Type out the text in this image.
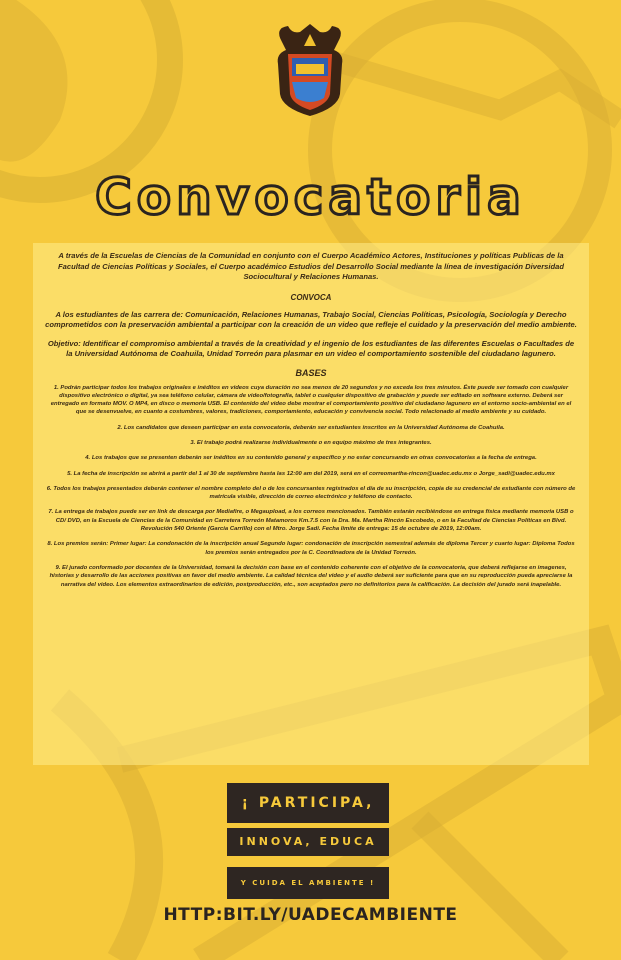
Convocatoria

A través de la Escuelas de Ciencias de la Comunidad en conjunto con el Cuerpo Académico Actores, Instituciones y políticas Publicas de la Facultad de Ciencias Políticas y Sociales, el Cuerpo académico Estudios del Desarrollo Social mediante la línea de investigación Diversidad Sociocultural y Relaciones Humanas.

CONVOCA

A los estudiantes de las carrera de: Comunicación, Relaciones Humanas, Trabajo Social, Ciencias Políticas, Psicología, Sociología y Derecho comprometidos con la preservación ambiental a participar con la creación de un video que refleje el cuidado y la preservación del medio ambiente.

Objetivo: Identificar el compromiso ambiental a través de la creatividad y el ingenio de los estudiantes de las diferentes Escuelas o Facultades de la Universidad Autónoma de Coahuila, Unidad Torreón para plasmar en un video el comportamiento sostenible del ciudadano lagunero.

BASES

1. Podrán participar todos los trabajos originales e inéditos en videos cuya duración no sea menos de 20 segundos y no exceda los tres minutos. Éste puede ser tomado con cualquier dispositivo electrónico o digital, ya sea teléfono celular, cámara de video/fotografía, tablet o cualquier dispositivo de grabación y puede ser editado en software externo. Deberá ser entregado en formato MOV. O MP4, en disco o memoria USB. El contenido del video debe mostrar el comportamiento positivo del ciudadano lagunero en el entorno socio-ambiental en el que se desenvuelve, en cuanto a costumbres, valores, tradiciones, comportamiento, educación y convivencia social. Todo relacionado al medio ambiente y su cuidado.

2. Los candidatos que deseen participar en esta convocatoria, deberán ser estudiantes inscritos en la Universidad Autónoma de Coahuila.

3. El trabajo podrá realizarse individualmente o en equipo máximo de tres integrantes.

4. Los trabajos que se presenten deberán ser inéditos en su contenido general y específico y no estar concursando en otras convocatorias a la fecha de entrega.

5. La fecha de inscripción se abrirá a partir del 1 al 30 de septiembre hasta las 12:00 am del 2019, será en el correomartha-rincon@uadec.edu.mx o Jorge_sadi@uadec.edu.mx

6. Todos los trabajos presentados deberán contener el nombre completo del o de los concursantes registrados el día de su inscripción, copia de su credencial de estudiante con número de matrícula visible, dirección de correo electrónico y teléfono de contacto.

7. La entrega de trabajos puede ser en link de descarga por Mediafire, o Megaupload, a los correos mencionados. También estarán recibiéndose en entrega física mediante memoria USB o CD/ DVD, en la Escuela de Ciencias de la Comunidad en Carretera Torreón Matamoros Km.7.5 con la Dra. Ma. Martha Rincón Escobedo, o en la Facultad de Ciencias Políticas en Blvd. Revolución 540 Oriente (Garcia Carrillo) con el Mtro. Jorge Sadi. Fecha limite de entrega: 15 de octubre de 2019, 12:00am.

8. Los premios serán: Primer lugar: La condonación de la inscripción anual Segundo lugar: condonación de inscripción semestral además de diploma Tercer y cuarto lugar: Diploma Todos los premios serán entregados por la C. Coordinadora de la Unidad Torreón.

9. El jurado conformado por docentes de la Universidad, tomará la decisión con base en el contenido coherente con el objetivo de la convocatoria, que deberá reflejarse en imagenes, historias y desarrollo de las acciones positivas en favor del medio ambiente. La calidad técnica del video y el audio deberá ser suficiente para que en su reproducción pueda apreciarse la narrativa del video. Los elementos extraordinarios de edición, postproducción, etc., son aceptados pero no definitorios para la calificación. La decisión del jurado será inapelable.

¡ PARTICIPA,
INNOVA, EDUCA
Y CUIDA EL AMBIENTE !
HTTP:BIT.LY/UADECAMBIENTE
